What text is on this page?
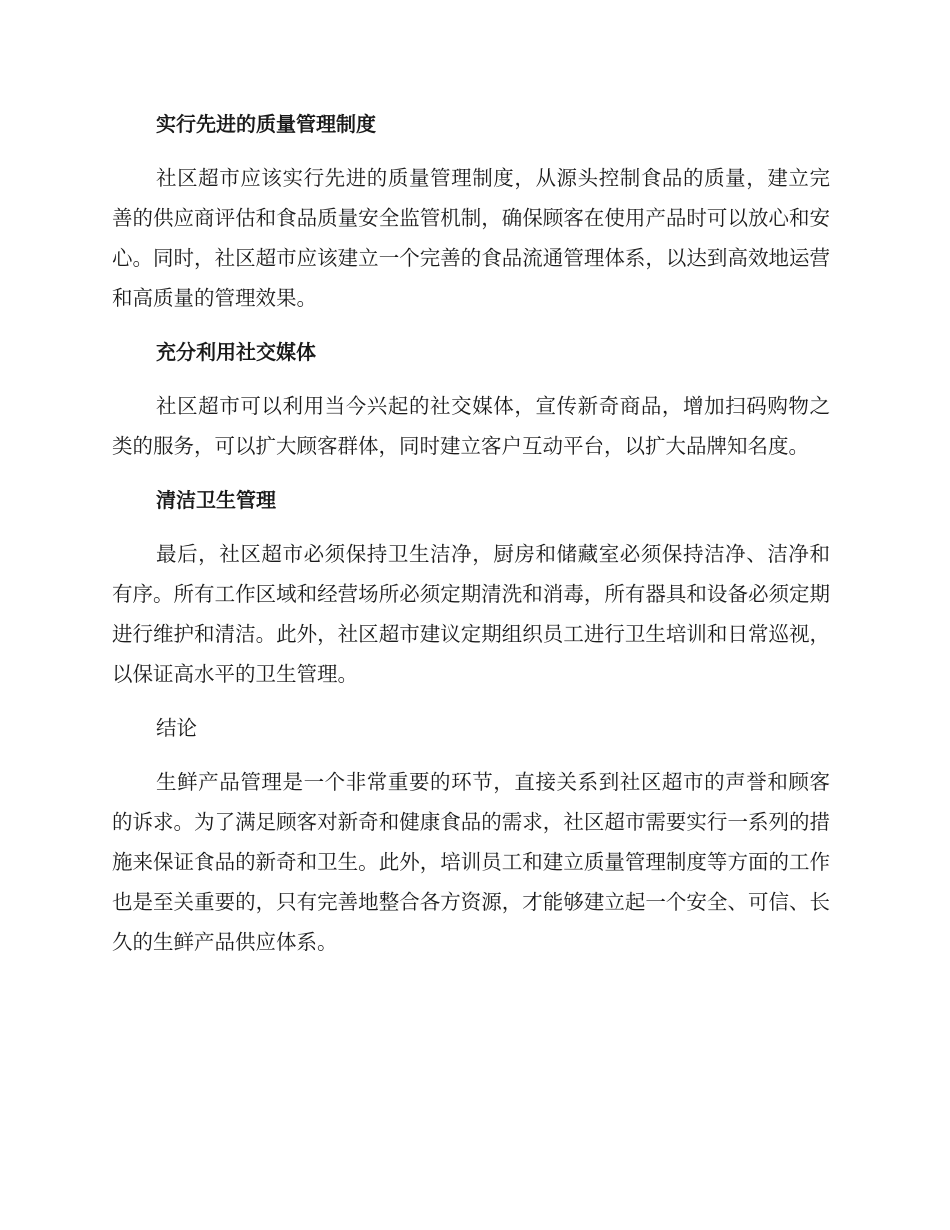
实行先进的质量管理制度

社区超市应该实行先进的质量管理制度，从源头控制食品的质量，建立完善的供应商评估和食品质量安全监管机制，确保顾客在使用产品时可以放心和安心。同时，社区超市应该建立一个完善的食品流通管理体系，以达到高效地运营和高质量的管理效果。

充分利用社交媒体

社区超市可以利用当今兴起的社交媒体，宣传新奇商品，增加扫码购物之类的服务，可以扩大顾客群体，同时建立客户互动平台，以扩大品牌知名度。

清洁卫生管理

最后，社区超市必须保持卫生洁净，厨房和储藏室必须保持洁净、洁净和有序。所有工作区域和经营场所必须定期清洗和消毒，所有器具和设备必须定期进行维护和清洁。此外，社区超市建议定期组织员工进行卫生培训和日常巡视，以保证高水平的卫生管理。

结论

生鲜产品管理是一个非常重要的环节，直接关系到社区超市的声誉和顾客的诉求。为了满足顾客对新奇和健康食品的需求，社区超市需要实行一系列的措施来保证食品的新奇和卫生。此外，培训员工和建立质量管理制度等方面的工作也是至关重要的，只有完善地整合各方资源，才能够建立起一个安全、可信、长久的生鲜产品供应体系。
